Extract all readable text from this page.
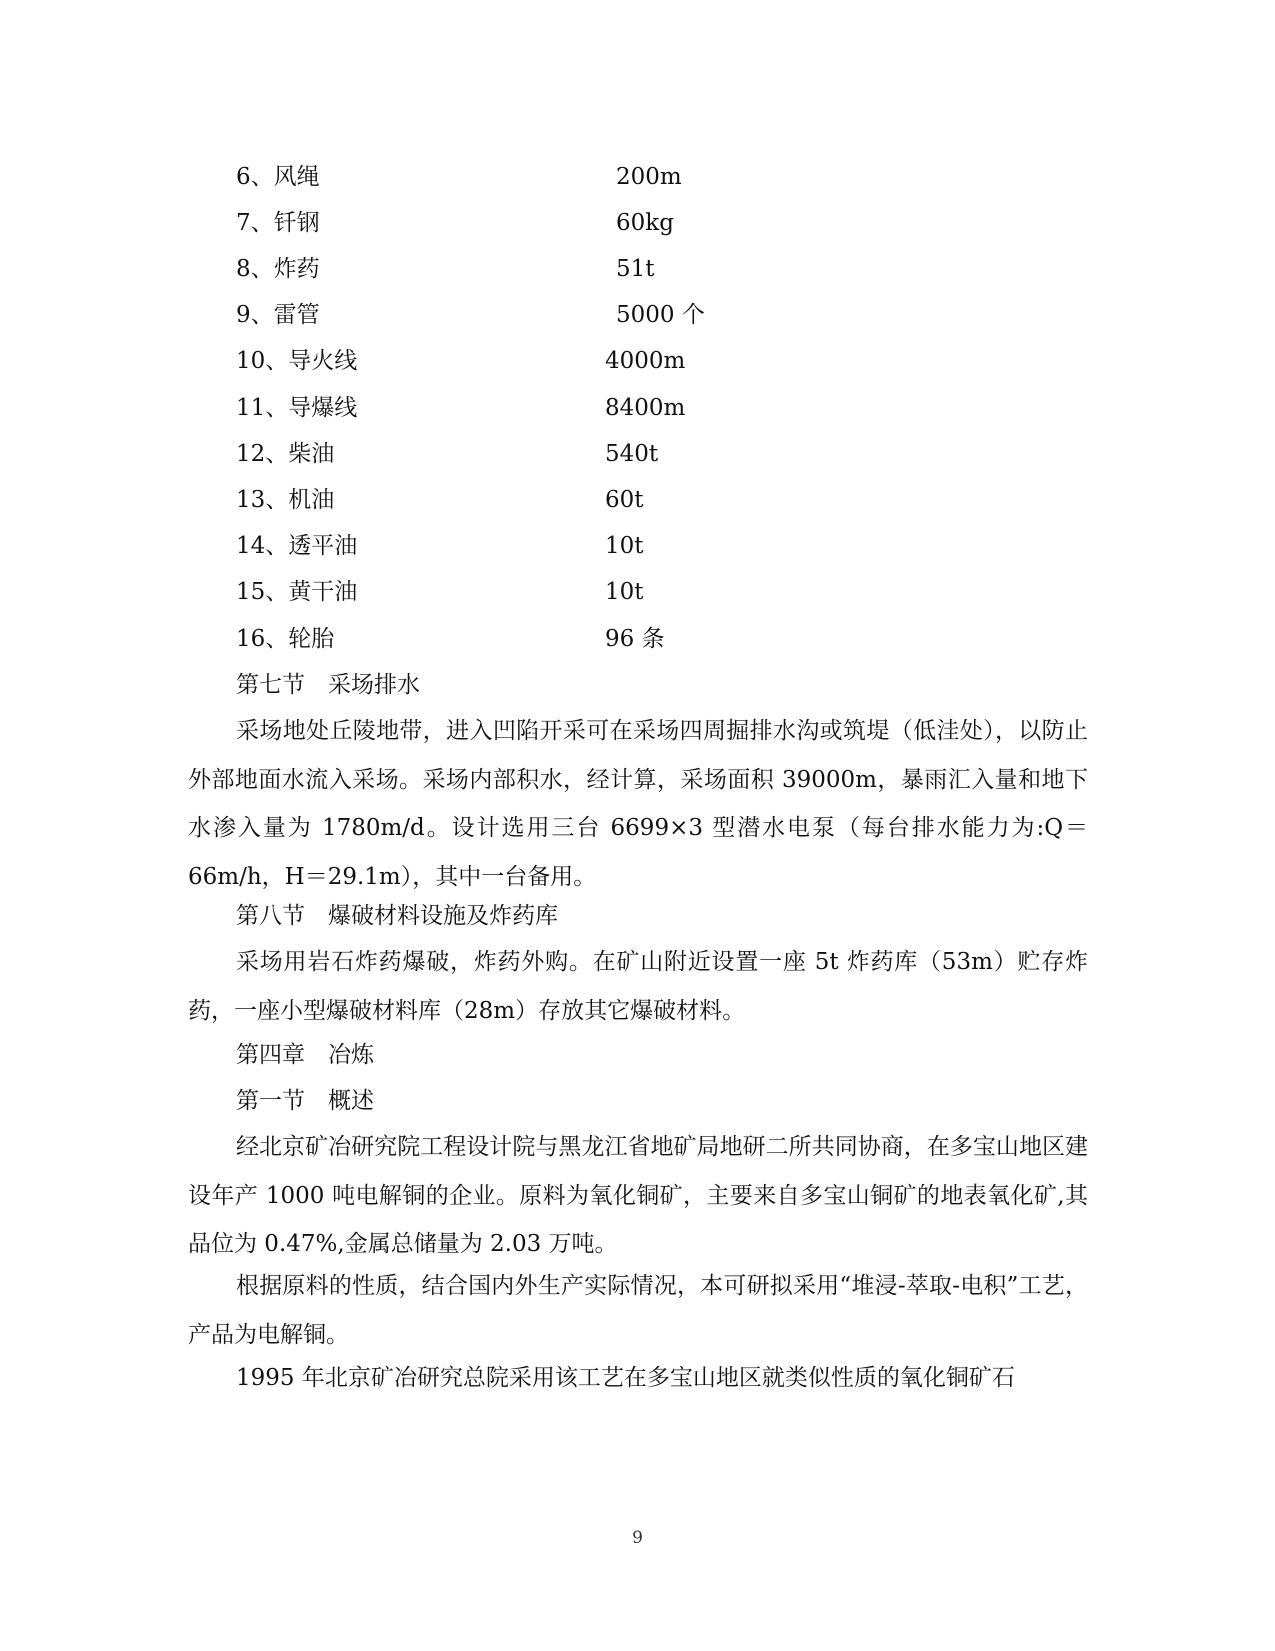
6、风绳	200m
7、钎钢	60kg
8、炸药	51t
9、雷管	5000 个
10、导火线	4000m
11、导爆线	8400m
12、柴油	540t
13、机油	60t
14、透平油	10t
15、黄干油	10t
16、轮胎	96 条
第七节　采场排水
采场地处丘陵地带，进入凹陷开采可在采场四周掘排水沟或筑堤（低洼处），以防止外部地面水流入采场。采场内部积水，经计算，采场面积 39000m，暴雨汇入量和地下水渗入量为 1780m/d。设计选用三台 6699×3 型潜水电泵（每台排水能力为:Q＝66m/h，H＝29.1m），其中一台备用。
第八节　爆破材料设施及炸药库
采场用岩石炸药爆破，炸药外购。在矿山附近设置一座 5t 炸药库（53m）贮存炸药，一座小型爆破材料库（28m）存放其它爆破材料。
第四章　冶炼
第一节　概述
经北京矿冶研究院工程设计院与黑龙江省地矿局地研二所共同协商，在多宝山地区建设年产 1000 吨电解铜的企业。原料为氧化铜矿，主要来自多宝山铜矿的地表氧化矿,其品位为 0.47%,金属总储量为 2.03 万吨。
根据原料的性质，结合国内外生产实际情况，本可研拟采用“堆浸-萃取-电积”工艺，产品为电解铜。
1995 年北京矿冶研究总院采用该工艺在多宝山地区就类似性质的氧化铜矿石
9
